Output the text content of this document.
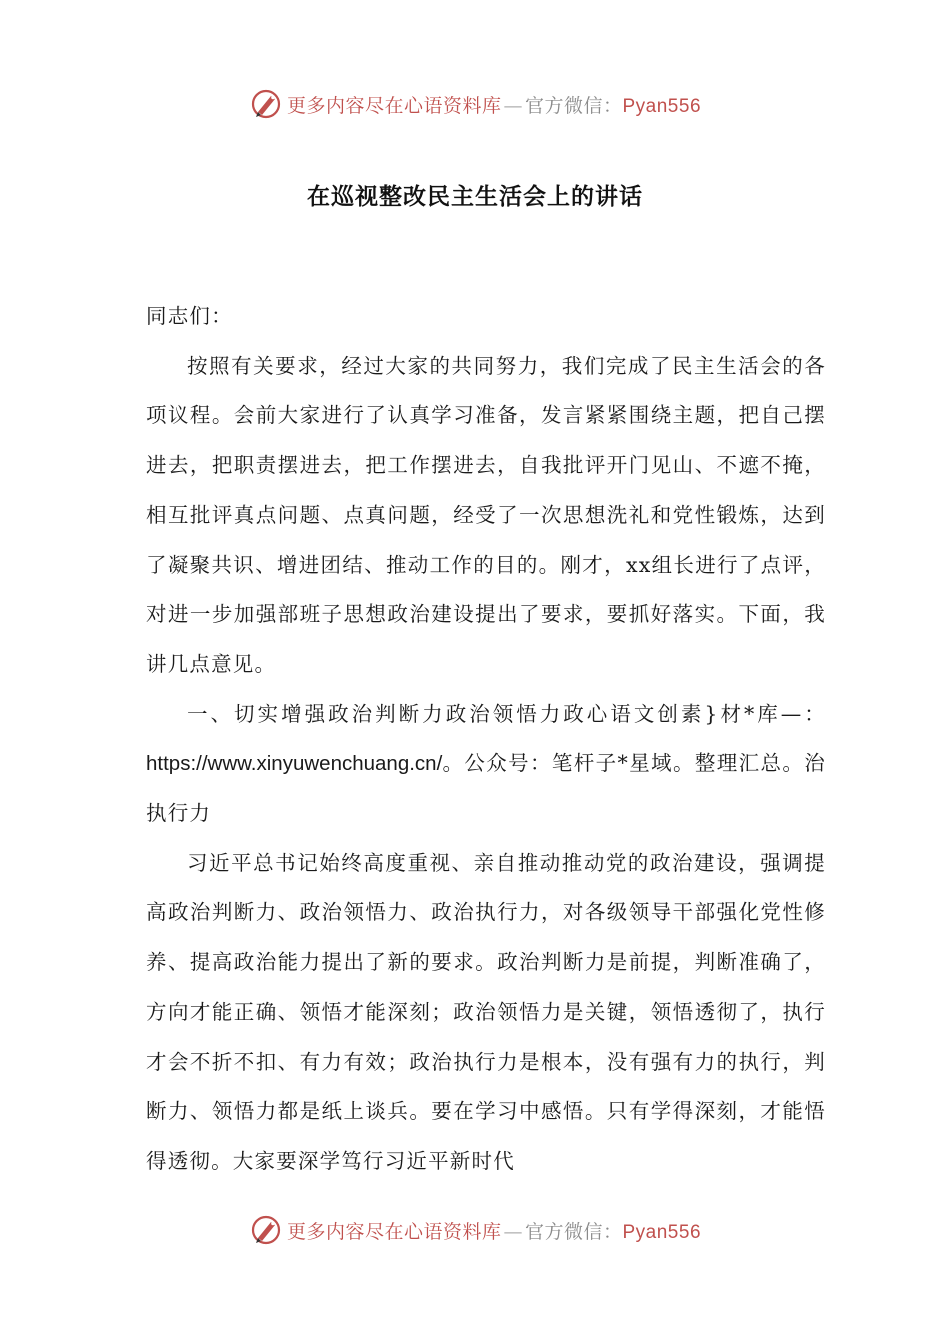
更多内容尽在心语资料库 — 官方微信：Pyan556
在巡视整改民主生活会上的讲话

同志们：

按照有关要求，经过大家的共同努力，我们完成了民主生活会的各项议程。会前大家进行了认真学习准备，发言紧紧围绕主题，把自己摆进去，把职责摆进去，把工作摆进去，自我批评开门见山、不遮不掩，相互批评真点问题、点真问题，经受了一次思想洗礼和党性锻炼，达到了凝聚共识、增进团结、推动工作的目的。刚才，xx组长进行了点评，对进一步加强部班子思想政治建设提出了要求，要抓好落实。下面，我讲几点意见。

一、切实增强政治判断力政治领悟力政心语文创素}材*库—：https://www.xinyuwenchuang.cn/。公众号：笔杆子*星域。整理汇总。治执行力

习近平总书记始终高度重视、亲自推动推动党的政治建设，强调提高政治判断力、政治领悟力、政治执行力，对各级领导干部强化党性修养、提高政治能力提出了新的要求。政治判断力是前提，判断准确了，方向才能正确、领悟才能深刻；政治领悟力是关键，领悟透彻了，执行才会不折不扣、有力有效；政治执行力是根本，没有强有力的执行，判断力、领悟力都是纸上谈兵。要在学习中感悟。只有学得深刻，才能悟得透彻。大家要深学笃行习近平新时代

更多内容尽在心语资料库 — 官方微信：Pyan556
